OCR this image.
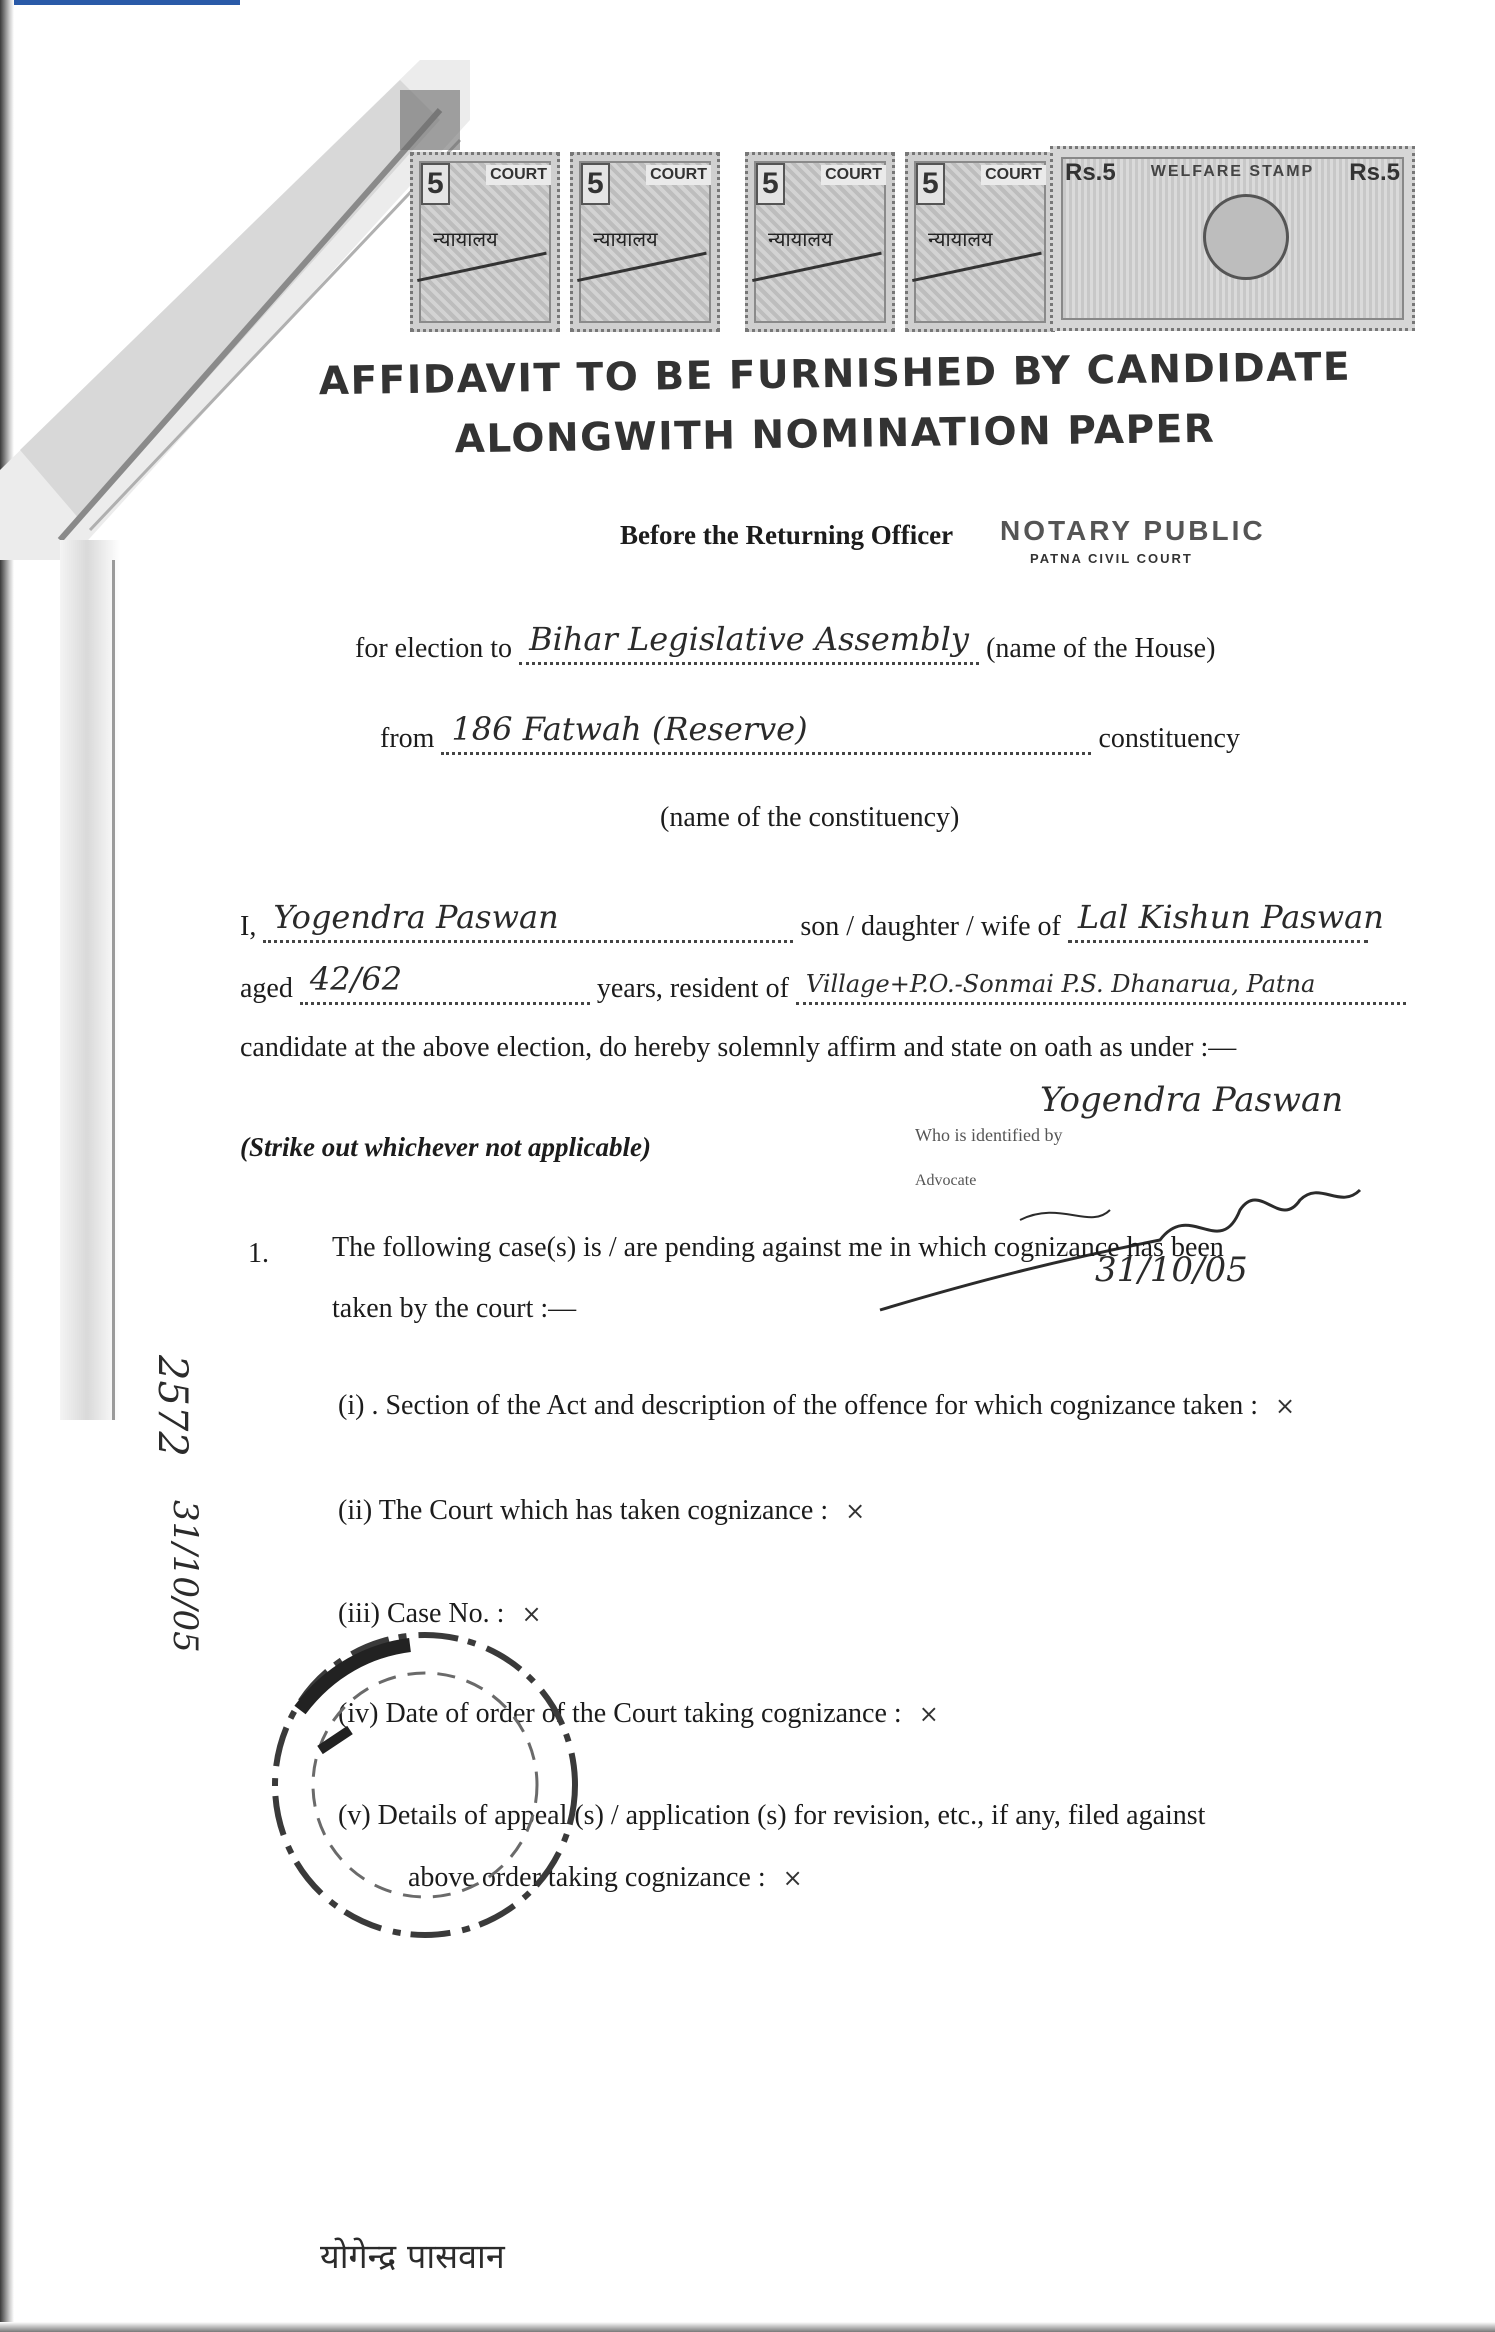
5	COURT
न्यायालय
5	COURT
न्यायालय
5	COURT
न्यायालय
5	COURT
न्यायालय
Rs.5	Rs.5
WELFARE STAMP
AFFIDAVIT TO BE FURNISHED BY CANDIDATE
ALONGWITH NOMINATION PAPER
Before the Returning Officer NOTARY PUBLIC
PATNA CIVIL COURT
for election to Bihar Legislative Assembly (name of the House)
from 186 Fatwah (Reserve)	constituency
(name of the constituency)
I, Yogendra Paswan	son / daughter / wife of Lal Kishun Paswan
aged 42/62	years, resident of Village+P.O.-Sonmai P.S. Dhanarua, Patna
candidate at the above election, do hereby solemnly affirm and state on oath as under :—
(Strike out whichever not applicable)
Yogendra Paswan
Who is identified by
Advocate
31/10/05
1. The following case(s) is / are pending against me in which cognizance has been
taken by the court :—
(i) . Section of the Act and description of the offence for which cognizance taken : ×
(ii) The Court which has taken cognizance : ×
(iii) Case No. : ×
(iv) Date of order of the Court taking cognizance : ×
(v) Details of appeal (s) / application (s) for revision, etc., if any, filed against
above order taking cognizance : ×
2572
31/10/05
योगेन्द्र पासवान
